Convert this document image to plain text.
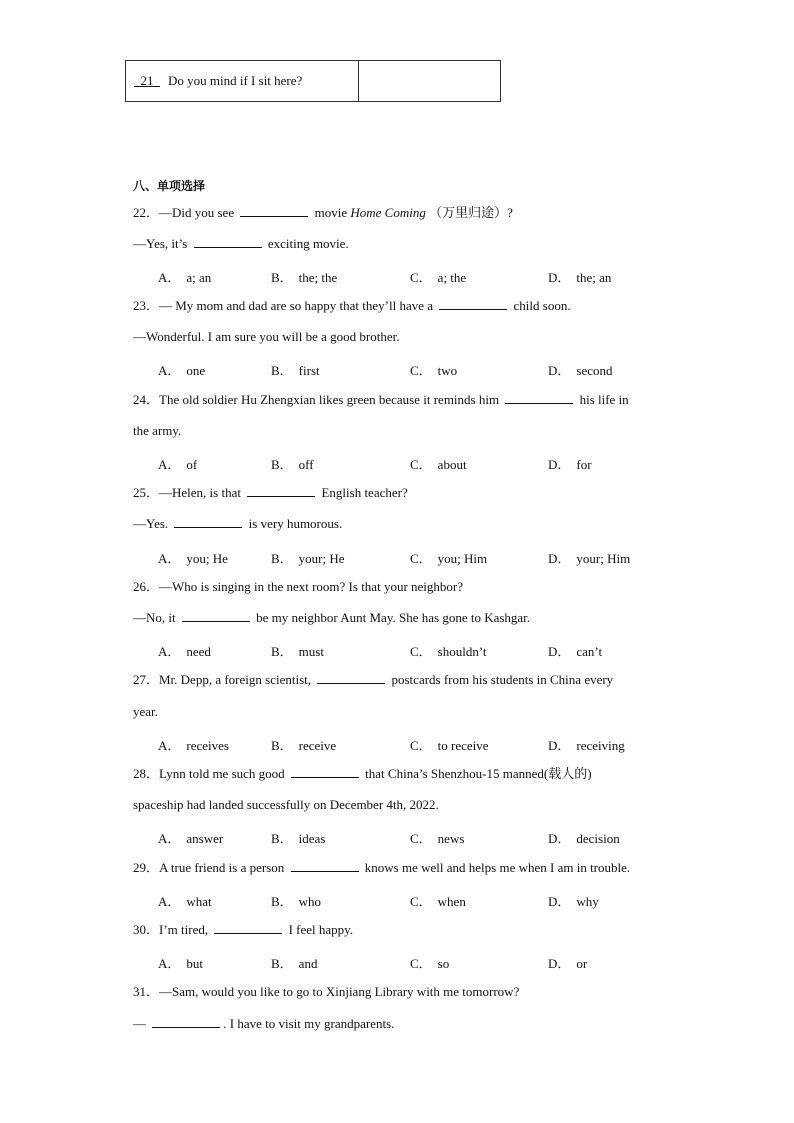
21	Do you mind if I sit here?
八、单项选择
22．—Did you see	movie Home Coming （万里归途）?
—Yes, it’s	exciting movie.
A． a; an	B． the; the	C． a; the	D． the; an
23．— My mom and dad are so happy that they’ll have a	child soon.
—Wonderful. I am sure you will be a good brother.
A． one	B． first	C． two	D． second
24．The old soldier Hu Zhengxian likes green because it reminds him	his life in
the army.
A． of	B． off	C． about	D． for
25．—Helen, is that	English teacher?
—Yes.	is very humorous.
A． you; He	B． your; He	C． you; Him	D． your; Him
26．—Who is singing in the next room? Is that your neighbor?
—No, it	be my neighbor Aunt May. She has gone to Kashgar.
A． need	B． must	C． shouldn’t	D． can’t
27．Mr. Depp, a foreign scientist,	postcards from his students in China every
year.
A． receives	B． receive	C． to receive	D． receiving
28．Lynn told me such good	that China’s Shenzhou-15 manned(载人的)
spaceship had landed successfully on December 4th, 2022.
A． answer	B． ideas	C． news	D． decision
29．A true friend is a person	knows me well and helps me when I am in trouble.
A． what	B． who	C． when	D． why
30．I’m tired,	I feel happy.
A． but	B． and	C． so	D． or
31．—Sam, would you like to go to Xinjiang Library with me tomorrow?
—	. I have to visit my grandparents.
